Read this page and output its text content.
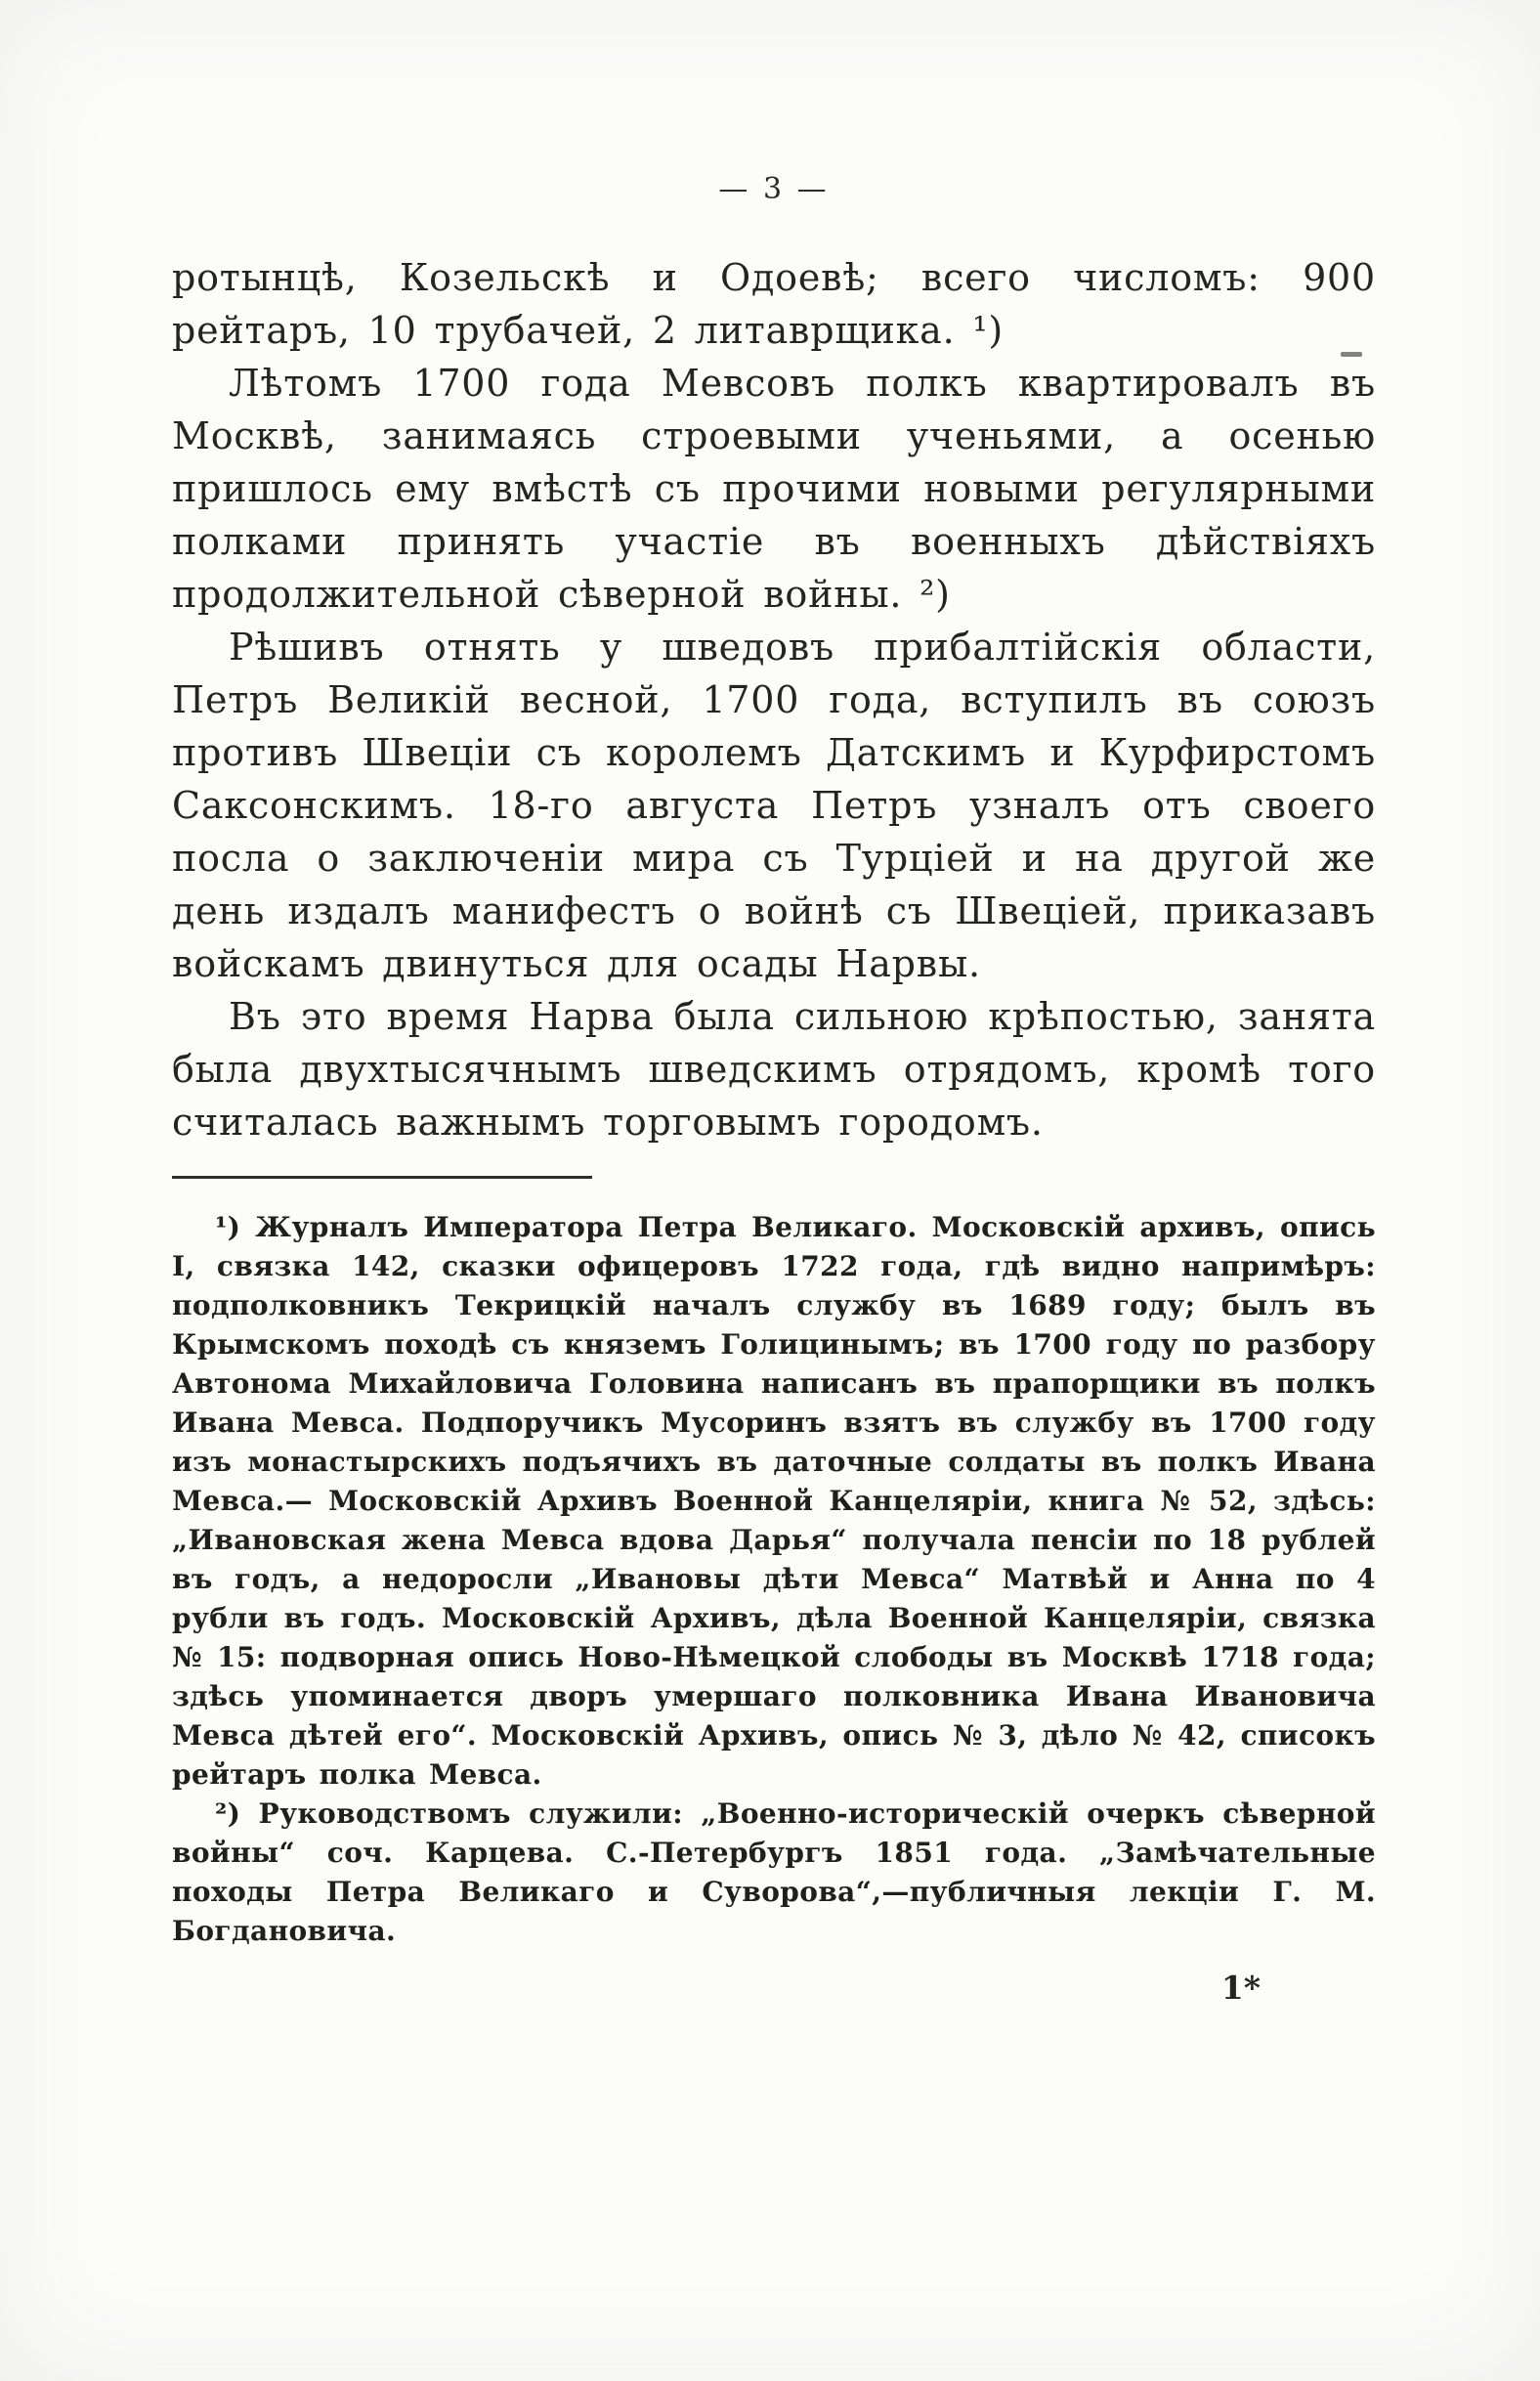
— 3 —

ротынцѣ, Козельскѣ и Одоевѣ; всего числомъ: 900 рейтаръ, 10 трубачей, 2 литаврщика. ¹)

Лѣтомъ 1700 года Мевсовъ полкъ квартировалъ въ Москвѣ, занимаясь строевыми ученьями, а осенью пришлось ему вмѣстѣ съ прочими новыми регулярными полками принять участіе въ военныхъ дѣйствіяхъ продолжительной сѣверной войны. ²)

Рѣшивъ отнять у шведовъ прибалтійскія области, Петръ Великій весной, 1700 года, вступилъ въ союзъ противъ Швеціи съ королемъ Датскимъ и Курфирстомъ Саксонскимъ. 18-го августа Петръ узналъ отъ своего посла о заключеніи мира съ Турціей и на другой же день издалъ манифестъ о войнѣ съ Швеціей, приказавъ войскамъ двинуться для осады Нарвы.

Въ это время Нарва была сильною крѣпостью, занята была двухтысячнымъ шведскимъ отрядомъ, кромѣ того считалась важнымъ торговымъ городомъ.

¹) Журналъ Императора Петра Великаго. Московскій архивъ, опись I, связка 142, сказки офицеровъ 1722 года, гдѣ видно напримѣръ: подполковникъ Текрицкій началъ службу въ 1689 году; былъ въ Крымскомъ походѣ съ княземъ Голицинымъ; въ 1700 году по разбору Автонома Михайловича Головина написанъ въ прапорщики въ полкъ Ивана Мевса. Подпоручикъ Мусоринъ взятъ въ службу въ 1700 году изъ монастырскихъ подъячихъ въ даточные солдаты въ полкъ Ивана Мевса.— Московскій Архивъ Военной Канцеляріи, книга № 52, здѣсь: „Ивановская жена Мевса вдова Дарья“ получала пенсіи по 18 рублей въ годъ, а недоросли „Ивановы дѣти Мевса“ Матвѣй и Анна по 4 рубли въ годъ. Московскій Архивъ, дѣла Военной Канцеляріи, связка № 15: подворная опись Ново-Нѣмецкой слободы въ Москвѣ 1718 года; здѣсь упоминается дворъ умершаго полковника Ивана Ивановича Мевса дѣтей его“. Московскій Архивъ, опись № 3, дѣло № 42, списокъ рейтаръ полка Мевса.

²) Руководствомъ служили: „Военно-историческій очеркъ сѣверной войны“ соч. Карцева. С.-Петербургъ 1851 года. „Замѣчательные походы Петра Великаго и Суворова“,—публичныя лекціи Г. М. Богдановича.

1*
